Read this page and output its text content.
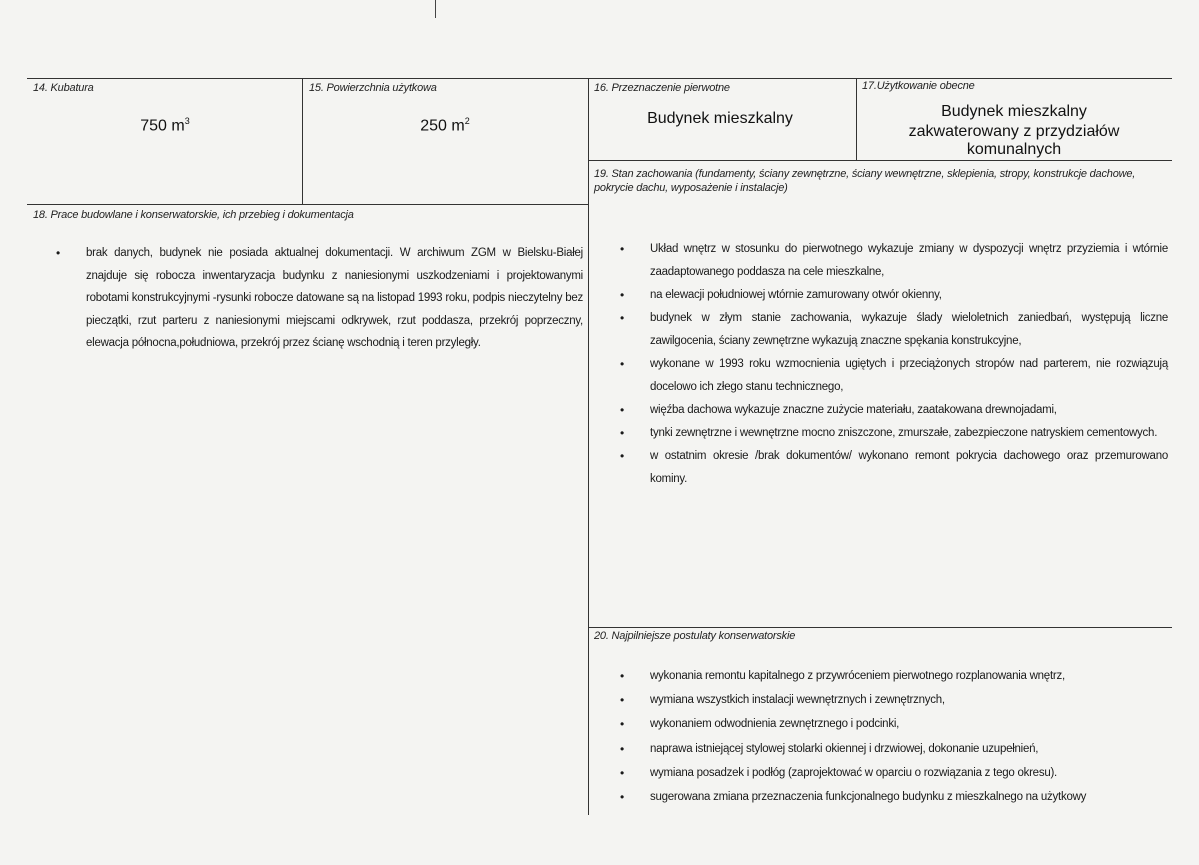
14. Kubatura
750 $m^3$
15. Powierzchnia użytkowa
250 $m^2$
16. Przeznaczenie pierwotne
Budynek mieszkalny
17.Użytkowanie obecne
Budynek mieszkalny
zakwaterowany z przydziałów komunalnych
19. Stan zachowania (fundamenty, ściany zewnętrzne, ściany wewnętrzne, sklepienia, stropy, konstrukcje dachowe, pokrycie dachu, wyposażenie i instalacje)
18. Prace budowlane i konserwatorskie, ich przebieg i dokumentacja
• brak danych, budynek nie posiada aktualnej dokumentacji. W archiwum ZGM w Bielsku-Białej znajduje się robocza inwentaryzacja budynku z naniesionymi uszkodzeniami i projektowanymi robotami konstrukcyjnymi -rysunki robocze datowane są na listopad 1993 roku, podpis nieczytelny bez pieczątki, rzut parteru z naniesionymi miejscami odkrywek, rzut poddasza, przekrój poprzeczny, elewacja północna,południowa, przekrój przez ścianę wschodnią i teren przyległy.
• Układ wnętrz w stosunku do pierwotnego wykazuje zmiany w dyspozycji wnętrz przyziemia i wtórnie zaadaptowanego poddasza na cele mieszkalne,
• na elewacji południowej wtórnie zamurowany otwór okienny,
• budynek w złym stanie zachowania, wykazuje ślady wieloletnich zaniedbań, występują liczne zawilgocenia, ściany zewnętrzne wykazują znaczne spękania konstrukcyjne,
• wykonane w 1993 roku wzmocnienia ugiętych i przeciążonych stropów nad parterem, nie rozwiązują docelowo ich złego stanu technicznego,
• więźba dachowa wykazuje znaczne zużycie materiału, zaatakowana drewnojadami,
• tynki zewnętrzne i wewnętrzne mocno zniszczone, zmurszałe, zabezpieczone natryskiem cementowych.
• w ostatnim okresie /brak dokumentów/ wykonano remont pokrycia dachowego oraz przemurowano kominy.
20. Najpilniejsze postulaty konserwatorskie
• wykonania remontu kapitalnego z przywróceniem pierwotnego rozplanowania wnętrz,
• wymiana wszystkich instalacji wewnętrznych i zewnętrznych,
• wykonaniem odwodnienia zewnętrznego i podcinki,
• naprawa istniejącej stylowej stolarki okiennej i drzwiowej, dokonanie uzupełnień,
• wymiana posadzek i podłóg (zaprojektować w oparciu o rozwiązania z tego okresu).
• sugerowana zmiana przeznaczenia funkcjonalnego budynku z mieszkalnego na użytkowy
